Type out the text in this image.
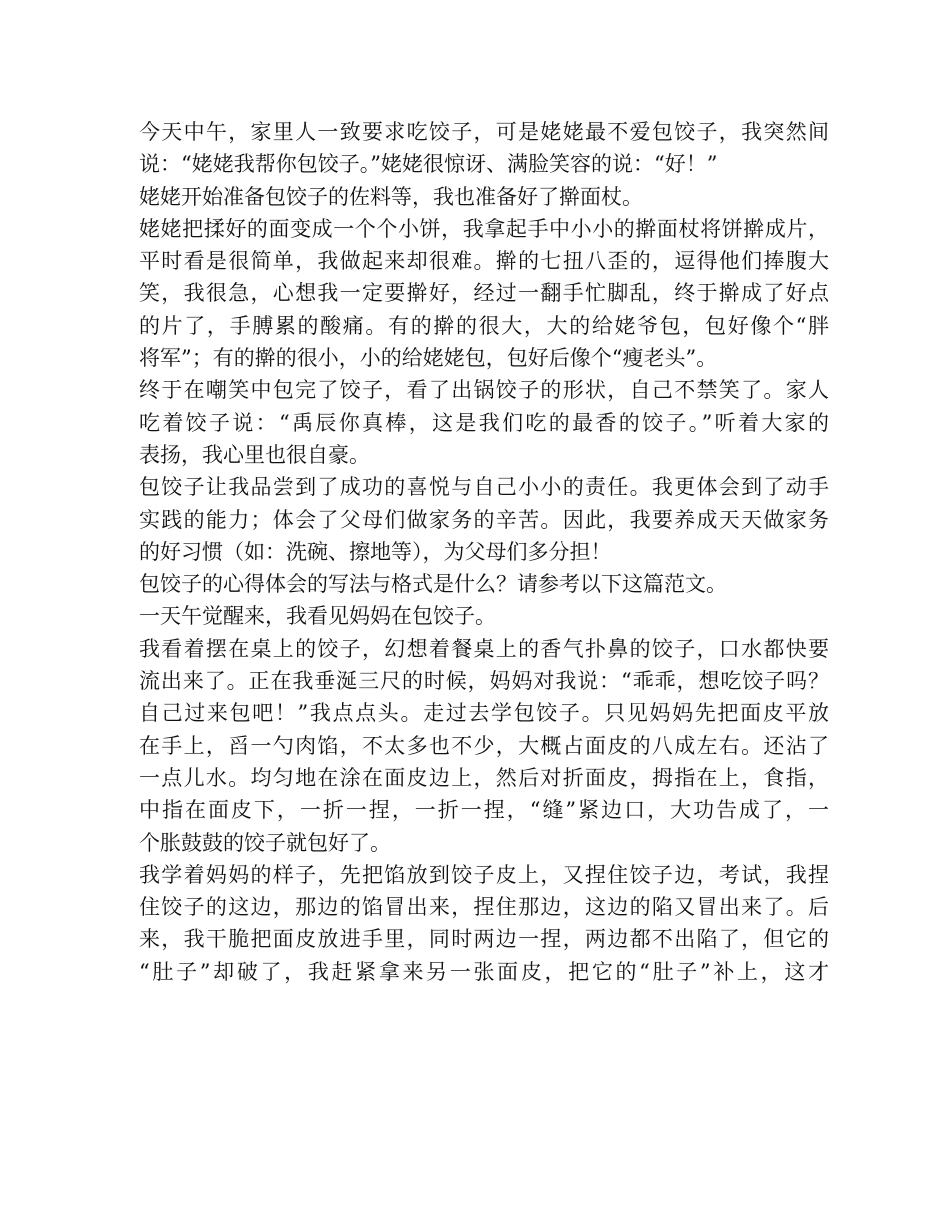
今天中午，家里人一致要求吃饺子，可是姥姥最不爱包饺子，我突然间
说：“姥姥我帮你包饺子。”姥姥很惊讶、满脸笑容的说：“好！”
姥姥开始准备包饺子的佐料等，我也准备好了擀面杖。
姥姥把揉好的面变成一个个小饼，我拿起手中小小的擀面杖将饼擀成片，
平时看是很简单，我做起来却很难。擀的七扭八歪的，逗得他们捧腹大
笑，我很急，心想我一定要擀好，经过一翻手忙脚乱，终于擀成了好点
的片了，手膊累的酸痛。有的擀的很大，大的给姥爷包，包好像个“胖
将军”；有的擀的很小，小的给姥姥包，包好后像个“瘦老头”。
终于在嘲笑中包完了饺子，看了出锅饺子的形状，自己不禁笑了。家人
吃着饺子说：“禹辰你真棒，这是我们吃的最香的饺子。”听着大家的
表扬，我心里也很自豪。
包饺子让我品尝到了成功的喜悦与自己小小的责任。我更体会到了动手
实践的能力；体会了父母们做家务的辛苦。因此，我要养成天天做家务
的好习惯（如：洗碗、擦地等），为父母们多分担！
包饺子的心得体会的写法与格式是什么？请参考以下这篇范文。
一天午觉醒来，我看见妈妈在包饺子。
我看着摆在桌上的饺子，幻想着餐桌上的香气扑鼻的饺子，口水都快要
流出来了。正在我垂涎三尺的时候，妈妈对我说：“乖乖，想吃饺子吗？
自己过来包吧！”我点点头。走过去学包饺子。只见妈妈先把面皮平放
在手上，舀一勺肉馅，不太多也不少，大概占面皮的八成左右。还沾了
一点儿水。均匀地在涂在面皮边上，然后对折面皮，拇指在上，食指，
中指在面皮下，一折一捏，一折一捏，“缝”紧边口，大功告成了，一
个胀鼓鼓的饺子就包好了。
我学着妈妈的样子，先把馅放到饺子皮上，又捏住饺子边，考试，我捏
住饺子的这边，那边的馅冒出来，捏住那边，这边的陷又冒出来了。后
来，我干脆把面皮放进手里，同时两边一捏，两边都不出陷了，但它的
“肚子”却破了，我赶紧拿来另一张面皮，把它的“肚子”补上，这才
